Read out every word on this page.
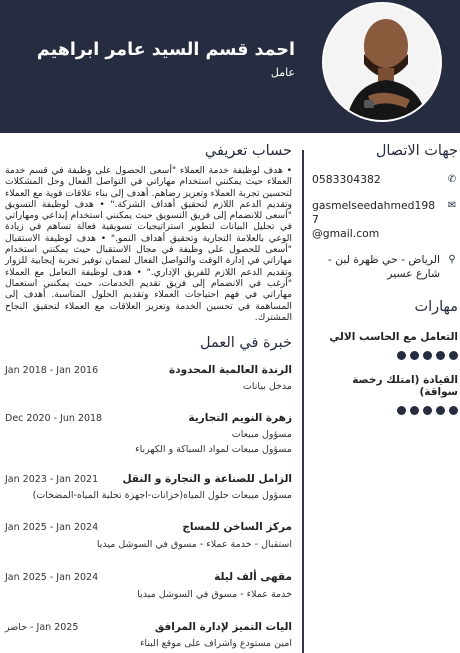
احمد قسم السيد عامر ابراهيم
عامل
جهات الاتصال
✆
0583304382
✉
gasmelseedahmed1987
@gmail.com
⚲
الرياض - حي ظهرة لبن - شارع عسير
مهارات
التعامل مع الحاسب الالي
القيادة (امتلك رخصة سواقة)
حساب تعريفي
• هدف لوظيفة خدمة العملاء "أسعى الحصول على وظيفة في قسم خدمة العملاء حيث يمكنني استخدام مهاراتي في التواصل الفعال وحل المشكلات لتحسين تجربة العملاء وتعزيز رضاهم. أهدف إلى بناء علاقات قوية مع العملاء وتقديم الدعم اللازم لتحقيق أهداف الشركة." • هدف لوظيفة التسويق "أسعى للانضمام إلى فريق التسويق حيث يمكنني استخدام إبداعي ومهاراتي في تحليل البيانات لتطوير استراتيجيات تسويقية فعالة تساهم في زيادة الوعي بالعلامة التجارية وتحقيق أهداف النمو." • هدف لوظيفة الاستقبال "أسعى للحصول على وظيفة في مجال الاستقبال حيث يمكنني استخدام مهاراتي في إدارة الوقت والتواصل الفعال لضمان توفير تجربة إيجابية للزوار وتقديم الدعم اللازم للفريق الإداري." • هدف لوظيفة التعامل مع العملاء "أرغب في الانضمام إلى فريق تقديم الخدمات، حيث يمكنني استعمال مهاراتي في فهم احتياجات العملاء وتقديم الحلول المناسبة. أهدف إلى المساهمة في تحسين الخدمة وتعزيز العلاقات مع العملاء لتحقيق النجاح المشترك.
خبرة في العمل
الرندة العالمية المحدودة
Jan 2018 - Jan 2016
مدخل بيانات
زهرة النويم التجارية
Dec 2020 - Jun 2018
مسؤول مبيعات
مسؤول مبيعات لمواد السباكة و الكهرباء
الزامل للصناعة و التجارة و النقل
Jan 2023 - Jan 2021
مسؤول مبيعات حلول المياه(خزانات-اجهزة تحلية المياه-المضخات)
مركز الساخن للمساج
Jan 2025 - Jan 2024
استقبال - خدمة عملاء - مسوق في السوشل ميديا
مقهى ألف ليلة
Jan 2025 - Jan 2024
خدمة عملاء - مسوق في السوشل ميديا
اليات التميز لإدارة المرافق
حاضر - Jan 2025
امين مستودع واشراف على موقع البناء
